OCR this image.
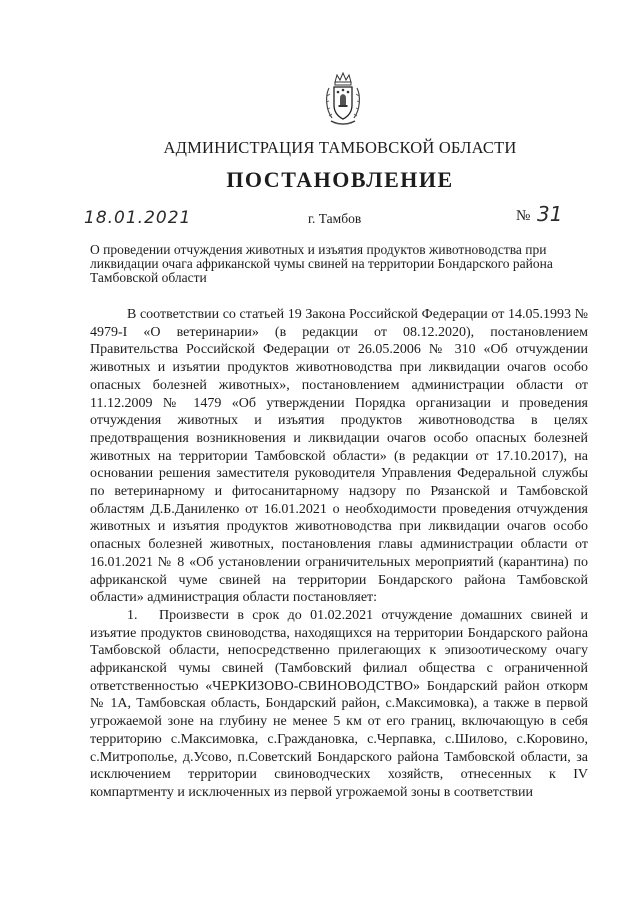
АДМИНИСТРАЦИЯ ТАМБОВСКОЙ ОБЛАСТИ
ПОСТАНОВЛЕНИЕ
18.01.2021	г. Тамбов	№ 31
О проведении отчуждения животных и изъятия продуктов животноводства при ликвидации очага африканской чумы свиней на территории Бондарского района Тамбовской области

В соответствии со статьей 19 Закона Российской Федерации от 14.05.1993 № 4979-I «О ветеринарии» (в редакции от 08.12.2020), постановлением Правительства Российской Федерации от 26.05.2006 № 310 «Об отчуждении животных и изъятии продуктов животноводства при ликвидации очагов особо опасных болезней животных», постановлением администрации области от 11.12.2009 № 1479 «Об утверждении Порядка организации и проведения отчуждения животных и изъятия продуктов животноводства в целях предотвращения возникновения и ликвидации очагов особо опасных болезней животных на территории Тамбовской области» (в редакции от 17.10.2017), на основании решения заместителя руководителя Управления Федеральной службы по ветеринарному и фитосанитарному надзору по Рязанской и Тамбовской областям Д.Б.Даниленко от 16.01.2021 о необходимости проведения отчуждения животных и изъятия продуктов животноводства при ликвидации очагов особо опасных болезней животных, постановления главы администрации области от 16.01.2021 № 8 «Об установлении ограничительных мероприятий (карантина) по африканской чуме свиней на территории Бондарского района Тамбовской области» администрация области постановляет:

1. Произвести в срок до 01.02.2021 отчуждение домашних свиней и изъятие продуктов свиноводства, находящихся на территории Бондарского района Тамбовской области, непосредственно прилегающих к эпизоотическому очагу африканской чумы свиней (Тамбовский филиал общества с ограниченной ответственностью «ЧЕРКИЗОВО-СВИНОВОДСТВО» Бондарский район откорм № 1А, Тамбовская область, Бондарский район, с.Максимовка), а также в первой угрожаемой зоне на глубину не менее 5 км от его границ, включающую в себя территорию с.Максимовка, с.Граждановка, с.Черпавка, с.Шилово, с.Коровино, с.Митрополье, д.Усово, п.Советский Бондарского района Тамбовской области, за исключением территории свиноводческих хозяйств, отнесенных к IV компартменту и исключенных из первой угрожаемой зоны в соответствии
